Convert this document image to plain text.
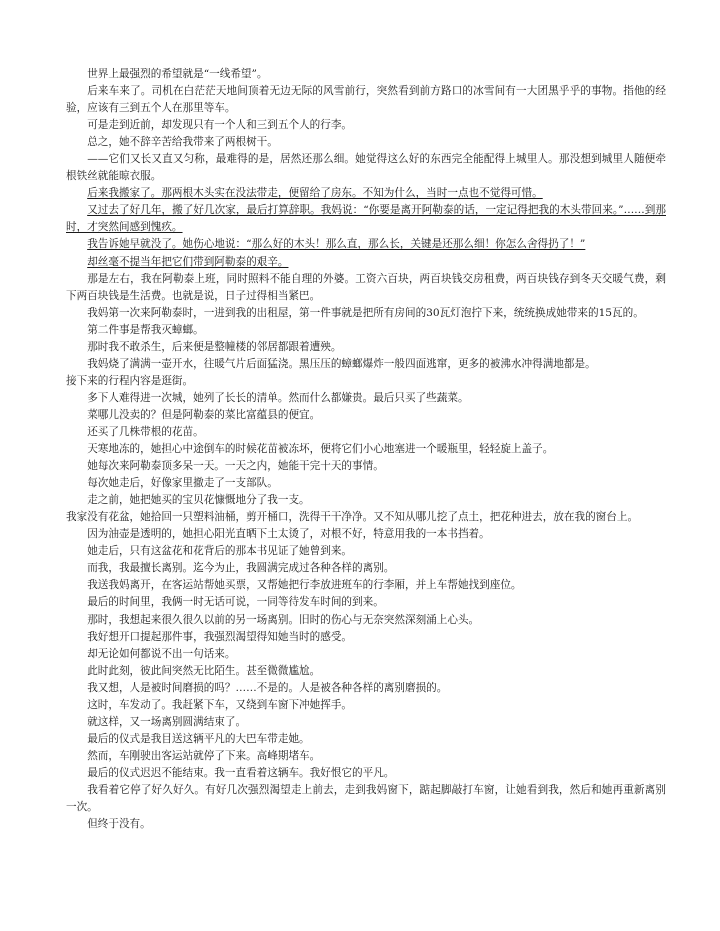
世界上最强烈的希望就是“一线希望”。

后来车来了。司机在白茫茫天地间顶着无边无际的风雪前行，突然看到前方路口的冰雪间有一大团黑乎乎的事物。指他的经验，应该有三到五个人在那里等车。

可是走到近前，却发现只有一个人和三到五个人的行李。

总之，她不辞辛苦给我带来了两根树干。

——它们又长又直又匀称，最难得的是，居然还那么细。她觉得这么好的东西完全能配得上城里人。那没想到城里人随便牵根铁丝就能晾衣服。

后来我搬家了。那两根木头实在没法带走，便留给了房东。不知为什么，当时一点也不觉得可惜。

又过去了好几年，搬了好几次家，最后打算辞职。我妈说：“你要是离开阿勒泰的话，一定记得把我的木头带回来。”……到那时，才突然间感到愧疚。

我告诉她早就没了。她伤心地说：“那么好的木头！那么直，那么长，关键是还那么细！你怎么舍得扔了！”

却丝毫不提当年把它们带到阿勒泰的艰辛。

那是左右，我在阿勒泰上班，同时照料不能自理的外婆。工资六百块，两百块钱交房租费，两百块钱存到冬天交暖气费，剩下两百块钱是生活费。也就是说，日子过得相当紧巴。

我妈第一次来阿勒泰时，一进到我的出租屋，第一件事就是把所有房间的30瓦灯泡拧下来，统统换成她带来的15瓦的。

第二件事是帮我灭蟑螂。

那时我不敢杀生，后来便是整幢楼的邻居都跟着遭殃。

我妈烧了满满一壶开水，往暖气片后面猛浇。黑压压的蟑螂爆炸一般四面逃窜，更多的被沸水冲得满地都是。

接下来的行程内容是逛街。

多下人难得进一次城，她列了长长的清单。然而什么都嫌贵。最后只买了些蔬菜。

菜哪儿没卖的？但是阿勒泰的菜比富蕴县的便宜。

还买了几株带根的花苗。

天寒地冻的，她担心中途倒车的时候花苗被冻坏，便将它们小心地塞进一个暖瓶里，轻轻旋上盖子。

她每次来阿勒泰顶多呆一天。一天之内，她能干完十天的事情。

每次她走后，好像家里撤走了一支部队。

走之前，她把她买的宝贝花慷慨地分了我一支。

我家没有花盆，她拾回一只塑料油桶，剪开桶口，洗得干干净净。又不知从哪儿挖了点土，把花种进去，放在我的窗台上。

因为油壶是透明的，她担心阳光直晒下土太烫了，对根不好，特意用我的一本书挡着。

她走后，只有这盆花和花背后的那本书见证了她曾到来。

而我，我最擅长离别。迄今为止，我圆满完成过各种各样的离别。

我送我妈离开，在客运站帮她买票，又帮她把行李放进班车的行李厢，并上车帮她找到座位。

最后的时间里，我俩一时无话可说，一同等待发车时间的到来。

那时，我想起来很久很久以前的另一场离别。旧时的伤心与无奈突然深刻涌上心头。

我好想开口提起那件事，我强烈渴望得知她当时的感受。

却无论如何都说不出一句话来。

此时此刻，彼此间突然无比陌生。甚至微微尴尬。

我又想，人是被时间磨损的吗？……不是的。人是被各种各样的离别磨损的。

这时，车发动了。我赶紧下车，又绕到车窗下冲她挥手。

就这样，又一场离别圆满结束了。

最后的仪式是我目送这辆平凡的大巴车带走她。

然而，车刚驶出客运站就停了下来。高峰期堵车。

最后的仪式迟迟不能结束。我一直看着这辆车。我好恨它的平凡。

我看着它停了好久好久。有好几次强烈渴望走上前去，走到我妈窗下，踮起脚敲打车窗，让她看到我，然后和她再重新离别一次。

但终于没有。
